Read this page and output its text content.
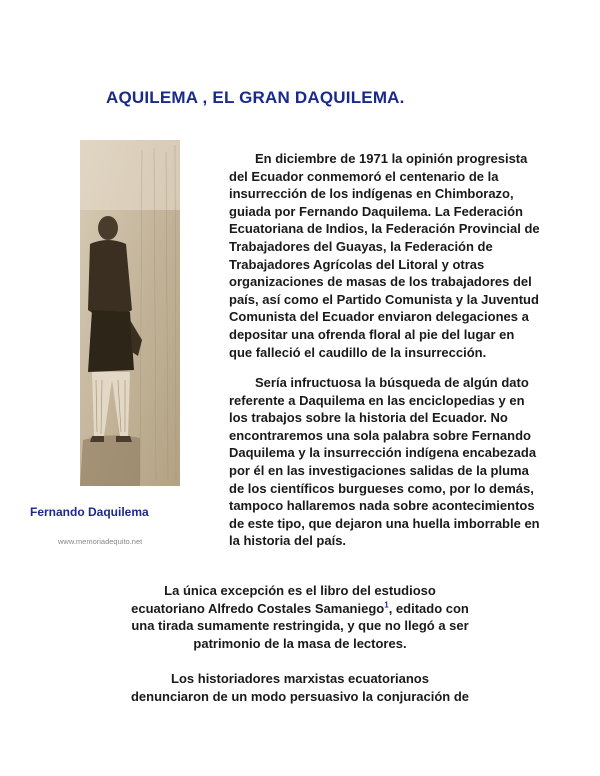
AQUILEMA , EL GRAN DAQUILEMA.
Fernando Daquilema
www.memoriadequito.net
En diciembre de 1971 la opinión progresista
del Ecuador conmemoró el centenario de la
insurrección de los indígenas en Chimborazo,
guiada por Fernando Daquilema. La Federación
Ecuatoriana de Indios, la Federación Provincial de
Trabajadores del Guayas, la Federación de
Trabajadores Agrícolas del Litoral y otras
organizaciones de masas de los trabajadores del
país, así como el Partido Comunista y la Juventud
Comunista del Ecuador enviaron delegaciones a
depositar una ofrenda floral al pie del lugar en
que falleció el caudillo de la insurrección.
Sería infructuosa la búsqueda de algún dato
referente a Daquilema en las enciclopedias y en
los trabajos sobre la historia del Ecuador. No
encontraremos una sola palabra sobre Fernando
Daquilema y la insurrección indígena encabezada
por él en las investigaciones salidas de la pluma
de los científicos burgueses como, por lo demás,
tampoco hallaremos nada sobre acontecimientos
de este tipo, que dejaron una huella imborrable en
la historia del país.
La única excepción es el libro del estudioso
ecuatoriano Alfredo Costales Samaniego$^1$, editado con
una tirada sumamente restringida, y que no llegó a ser
patrimonio de la masa de lectores.
Los historiadores marxistas ecuatorianos
denunciaron de un modo persuasivo la conjuración de
